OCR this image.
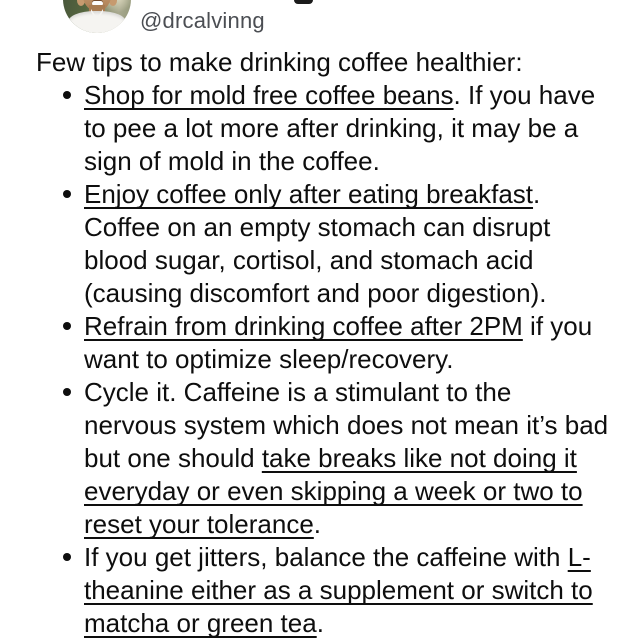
@drcalvinng

Few tips to make drinking coffee healthier:

Shop for mold free coffee beans. If you have to pee a lot more after drinking, it may be a sign of mold in the coffee.
Enjoy coffee only after eating breakfast. Coffee on an empty stomach can disrupt blood sugar, cortisol, and stomach acid (causing discomfort and poor digestion).
Refrain from drinking coffee after 2PM if you want to optimize sleep/recovery.
Cycle it. Caffeine is a stimulant to the nervous system which does not mean it’s bad but one should take breaks like not doing it everyday or even skipping a week or two to reset your tolerance.
If you get jitters, balance the caffeine with L-theanine either as a supplement or switch to matcha or green tea.
